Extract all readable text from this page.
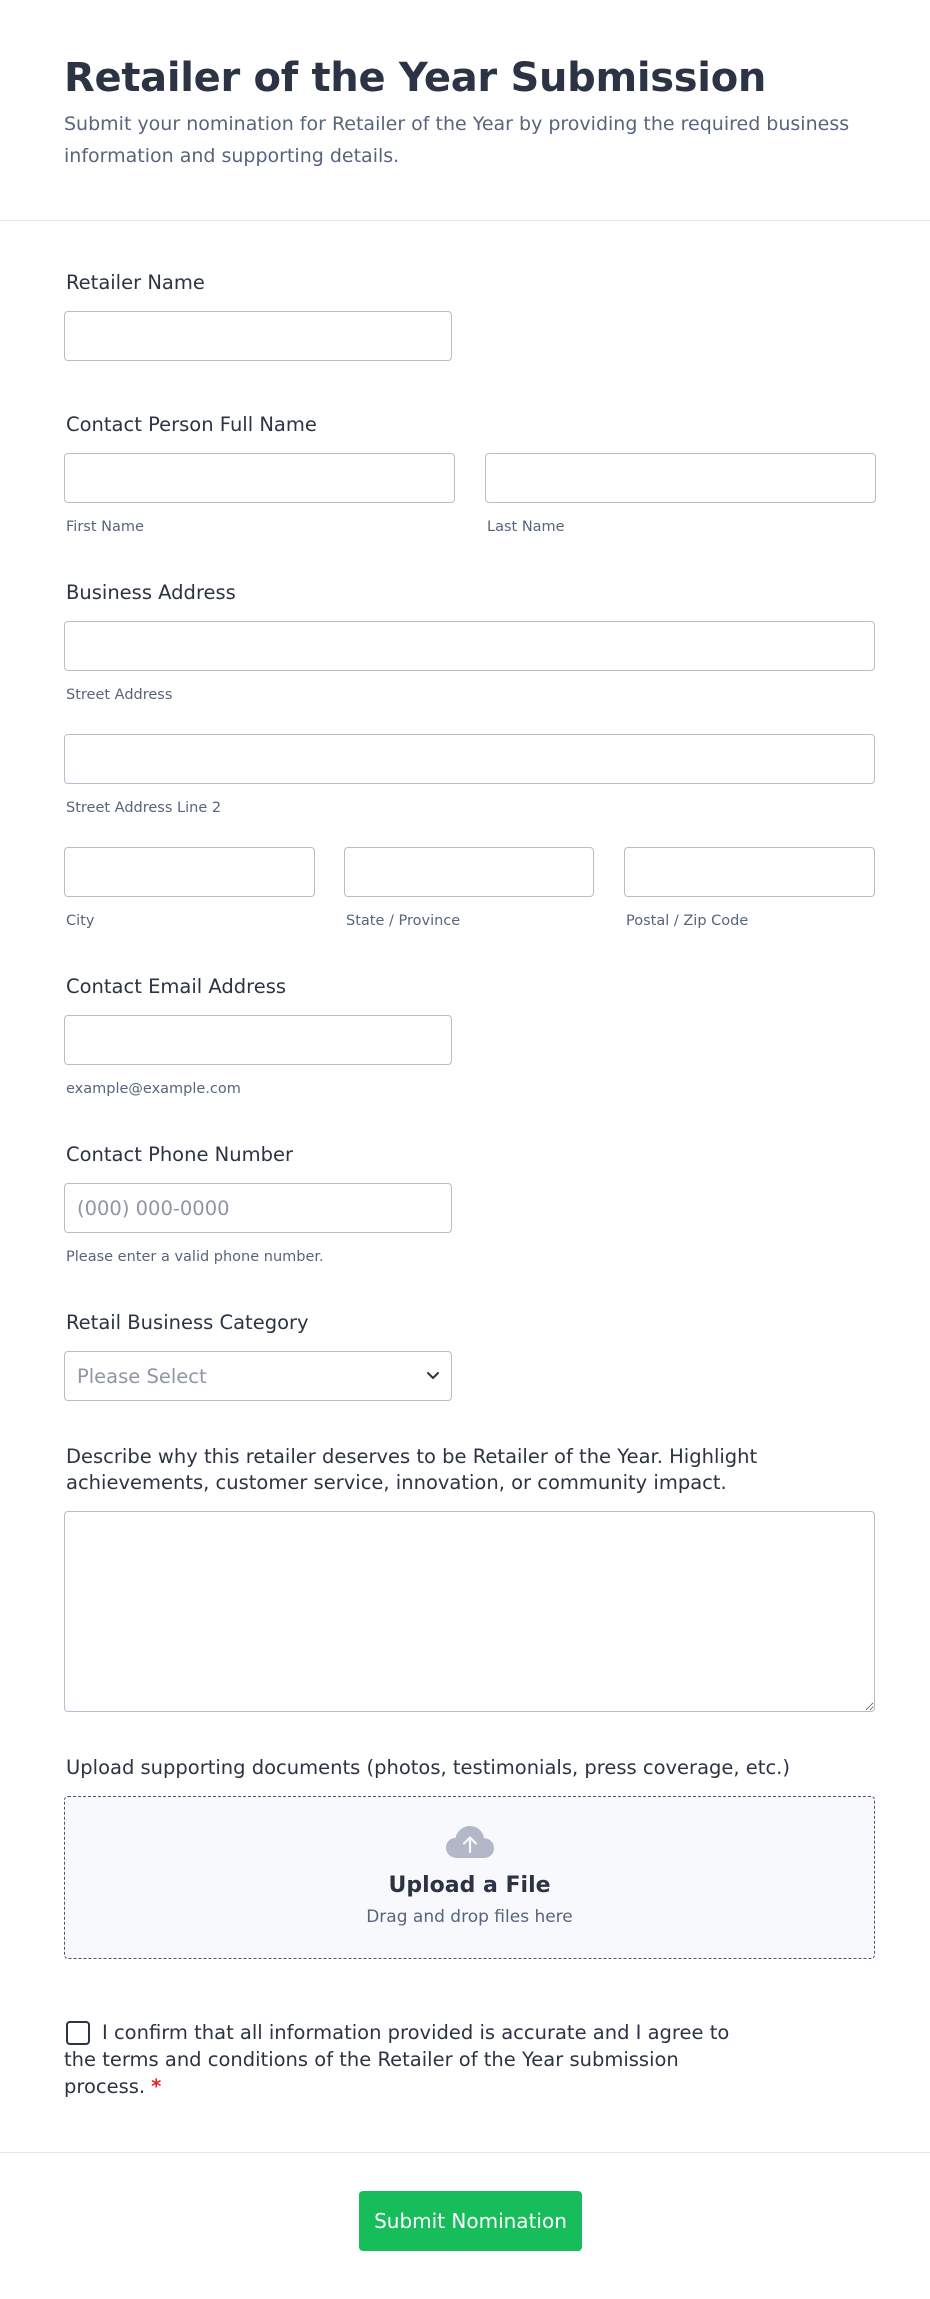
Retailer of the Year Submission

Submit your nomination for Retailer of the Year by providing the required business information and supporting details.

Retailer Name
Contact Person Full Name
First Name	Last Name
Business Address
Street Address
Street Address Line 2
City	State / Province	Postal / Zip Code
Contact Email Address
example@example.com
Contact Phone Number
(000) 000-0000
Please enter a valid phone number.
Retail Business Category
Please Select
Describe why this retailer deserves to be Retailer of the Year. Highlight achievements, customer service, innovation, or community impact.
Upload supporting documents (photos, testimonials, press coverage, etc.)
Upload a File
Drag and drop files here
I confirm that all information provided is accurate and I agree to the terms and conditions of the Retailer of the Year submission process. *
Submit Nomination
